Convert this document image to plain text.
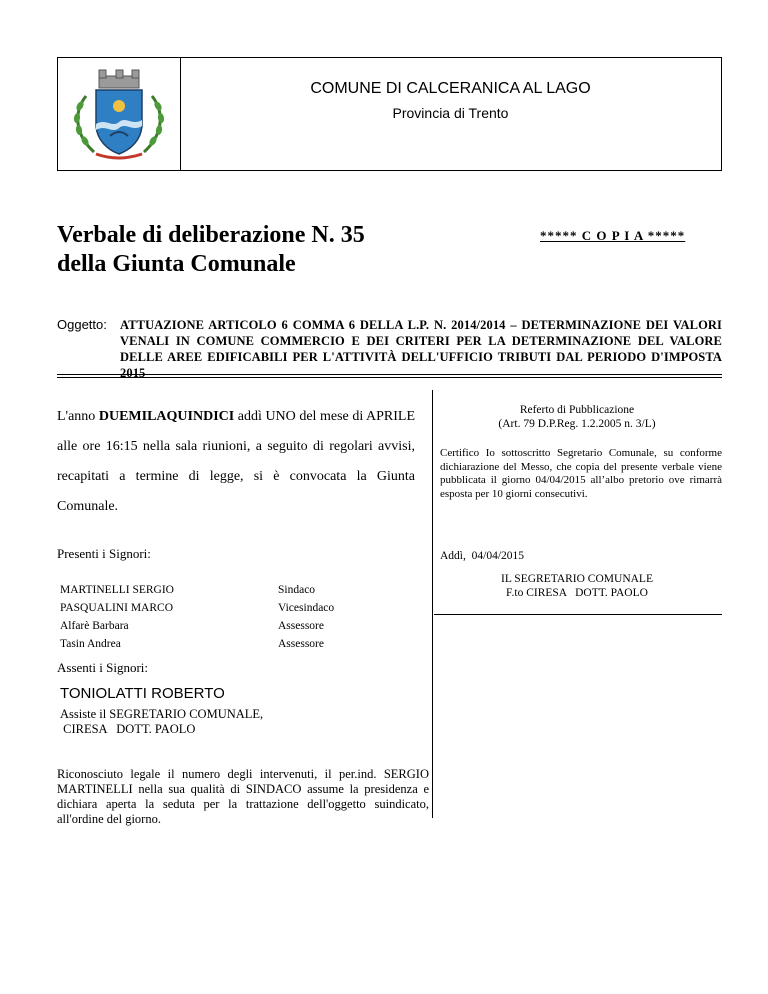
COMUNE DI CALCERANICA AL LAGO
Provincia di Trento
Verbale di deliberazione N. 35
della Giunta Comunale
***** C O P I A *****
Oggetto: ATTUAZIONE ARTICOLO 6 COMMA 6 DELLA L.P. N. 2014/2014 – DETERMINAZIONE DEI VALORI VENALI IN COMUNE COMMERCIO E DEI CRITERI PER LA DETERMINAZIONE DEL VALORE DELLE AREE EDIFICABILI PER L'ATTIVITÀ DELL'UFFICIO TRIBUTI DAL PERIODO D'IMPOSTA 2015
L'anno DUEMILAQUINDICI addì UNO del mese di APRILE alle ore 16:15 nella sala riunioni, a seguito di regolari avvisi, recapitati a termine di legge, si è convocata la Giunta Comunale.
Presenti i Signori:
MARTINELLI SERGIO	Sindaco
PASQUALINI MARCO	Vicesindaco
Alfarè Barbara	Assessore
Tasin Andrea	Assessore
Assenti i Signori:
TONIOLATTI ROBERTO
Assiste il SEGRETARIO COMUNALE,
CIRESA   DOTT. PAOLO
Riconosciuto legale il numero degli intervenuti, il per.ind. SERGIO MARTINELLI nella sua qualità di SINDACO assume la presidenza e dichiara aperta la seduta per la trattazione dell'oggetto suindicato, all'ordine del giorno.
Referto di Pubblicazione
(Art. 79 D.P.Reg. 1.2.2005 n. 3/L)
Certifico Io sottoscritto Segretario Comunale, su conforme dichiarazione del Messo, che copia del presente verbale viene pubblicata il giorno 04/04/2015 all’albo pretorio ove rimarrà esposta per 10 giorni consecutivi.
Addì, 04/04/2015
IL SEGRETARIO COMUNALE
F.to CIRESA   DOTT. PAOLO
